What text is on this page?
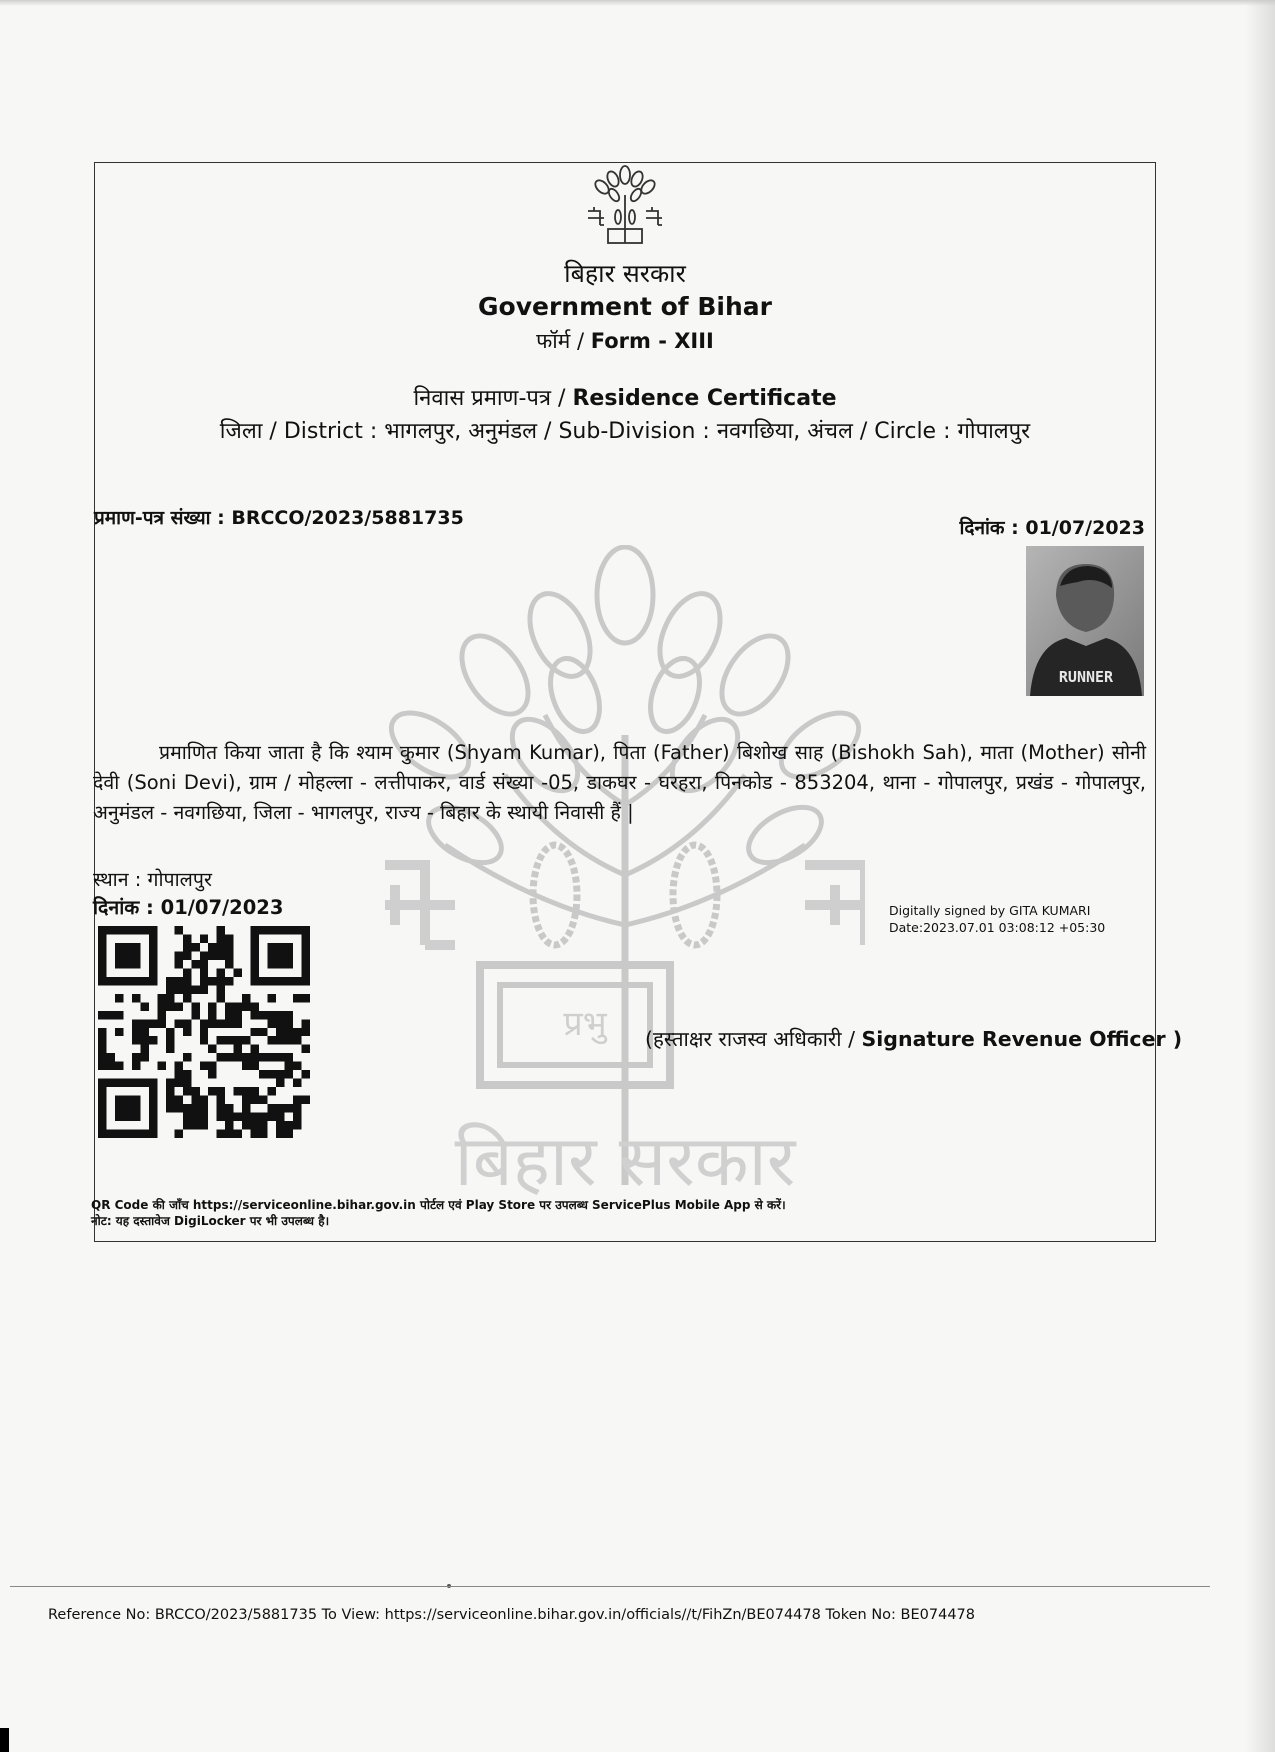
प्रभु
बिहार सरकार
बिहार सरकार
Government of Bihar
फॉर्म / Form - XIII
निवास प्रमाण-पत्र / Residence Certificate
जिला / District : भागलपुर, अनुमंडल / Sub-Division : नवगछिया, अंचल / Circle : गोपालपुर
प्रमाण-पत्र संख्या : BRCCO/2023/5881735	दिनांक : 01/07/2023
RUNNER
प्रमाणित किया जाता है कि श्याम कुमार (Shyam Kumar), पिता (Father) बिशोख साह (Bishokh Sah), माता (Mother) सोनी देवी (Soni Devi), ग्राम / मोहल्ला - लत्तीपाकर, वार्ड संख्या -05, डाकघर - घरहरा, पिनकोड - 853204, थाना - गोपालपुर, प्रखंड - गोपालपुर, अनुमंडल - नवगछिया, जिला - भागलपुर, राज्य - बिहार के स्थायी निवासी हैं |
स्थान : गोपालपुर
दिनांक : 01/07/2023	Digitally signed by GITA KUMARI
Date:2023.07.01 03:08:12 +05:30
(हस्ताक्षर राजस्व अधिकारी / Signature Revenue Officer )
QR Code की जाँच https://serviceonline.bihar.gov.in पोर्टल एवं Play Store पर उपलब्ध ServicePlus Mobile App से करें।
नोट: यह दस्तावेज DigiLocker पर भी उपलब्ध है।
Reference No: BRCCO/2023/5881735 To View: https://serviceonline.bihar.gov.in/officials//t/FihZn/BE074478 Token No: BE074478
